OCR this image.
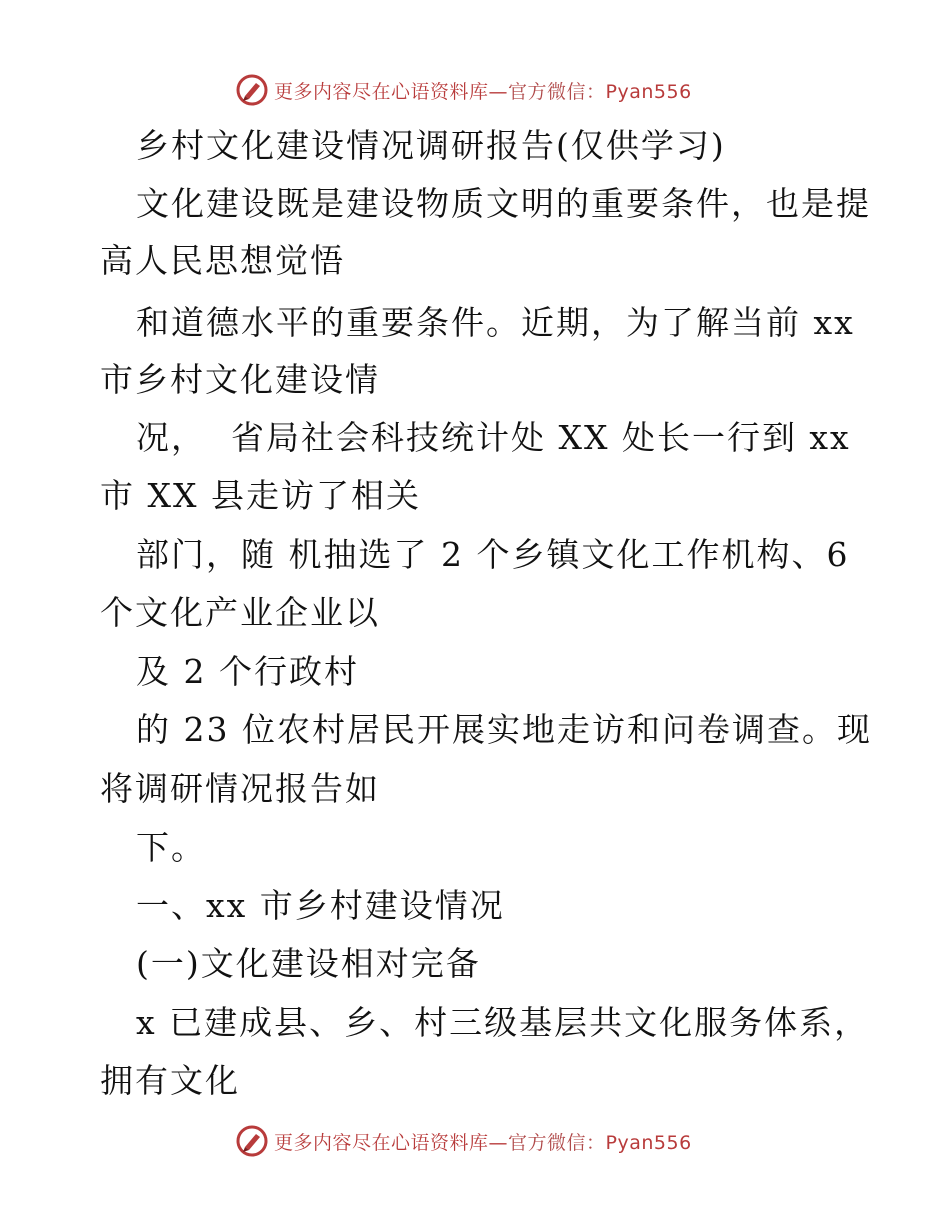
更多内容尽在心语资料库—官方微信：Pyan556
乡村文化建设情况调研报告(仅供学习)
文化建设既是建设物质文明的重要条件，也是提
高人民思想觉悟
和道德水平的重要条件。近期，为了解当前 xx
市乡村文化建设情
况，  省局社会科技统计处 XX 处长一行到 xx
市 XX 县走访了相关
部门，随 机抽选了 2 个乡镇文化工作机构、6
个文化产业企业以
及 2 个行政村
的 23 位农村居民开展实地走访和问卷调查。现
将调研情况报告如
下。
一、xx 市乡村建设情况
(一)文化建设相对完备
x 已建成县、乡、村三级基层共文化服务体系，
拥有文化
更多内容尽在心语资料库—官方微信：Pyan556
